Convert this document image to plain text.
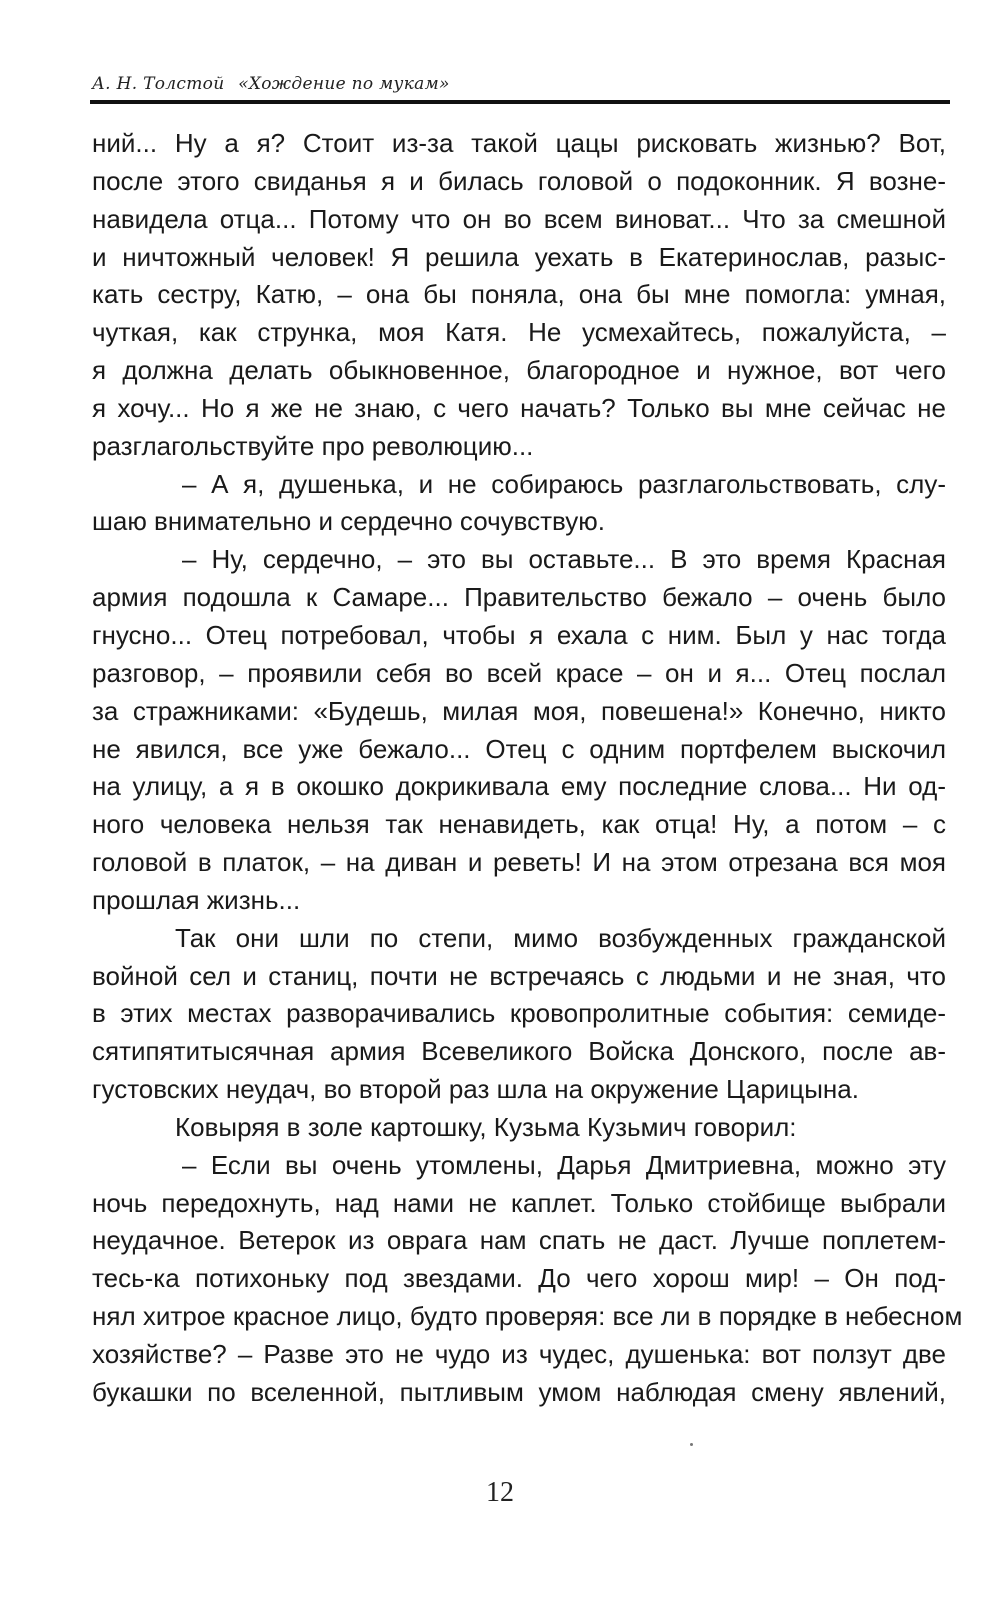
А. Н. Толстой «Хождение по мукам»
ний... Ну а я? Стоит из-за такой цацы рисковать жизнью? Вот,
после этого свиданья я и билась головой о подоконник. Я возне-
навидела отца... Потому что он во всем виноват... Что за смешной
и ничтожный человек! Я решила уехать в Екатеринослав, разыс-
кать сестру, Катю, – она бы поняла, она бы мне помогла: умная,
чуткая, как струнка, моя Катя. Не усмехайтесь, пожалуйста, –
я должна делать обыкновенное, благородное и нужное, вот чего
я хочу... Но я же не знаю, с чего начать? Только вы мне сейчас не
разглагольствуйте про революцию...
– А я, душенька, и не собираюсь разглагольствовать, слу-
шаю внимательно и сердечно сочувствую.
– Ну, сердечно, – это вы оставьте... В это время Красная
армия подошла к Самаре... Правительство бежало – очень было
гнусно... Отец потребовал, чтобы я ехала с ним. Был у нас тогда
разговор, – проявили себя во всей красе – он и я... Отец послал
за стражниками: «Будешь, милая моя, повешена!» Конечно, никто
не явился, все уже бежало... Отец с одним портфелем выскочил
на улицу, а я в окошко докрикивала ему последние слова... Ни од-
ного человека нельзя так ненавидеть, как отца! Ну, а потом – с
головой в платок, – на диван и реветь! И на этом отрезана вся моя
прошлая жизнь...
Так они шли по степи, мимо возбужденных гражданской
войной сел и станиц, почти не встречаясь с людьми и не зная, что
в этих местах разворачивались кровопролитные события: семиде-
сятипятитысячная армия Всевеликого Войска Донского, после ав-
густовских неудач, во второй раз шла на окружение Царицына.
Ковыряя в золе картошку, Кузьма Кузьмич говорил:
– Если вы очень утомлены, Дарья Дмитриевна, можно эту
ночь передохнуть, над нами не каплет. Только стойбище выбрали
неудачное. Ветерок из оврага нам спать не даст. Лучше поплетем-
тесь-ка потихоньку под звездами. До чего хорош мир! – Он под-
нял хитрое красное лицо, будто проверяя: все ли в порядке в небесном
хозяйстве? – Разве это не чудо из чудес, душенька: вот ползут две
букашки по вселенной, пытливым умом наблюдая смену явлений,
12
